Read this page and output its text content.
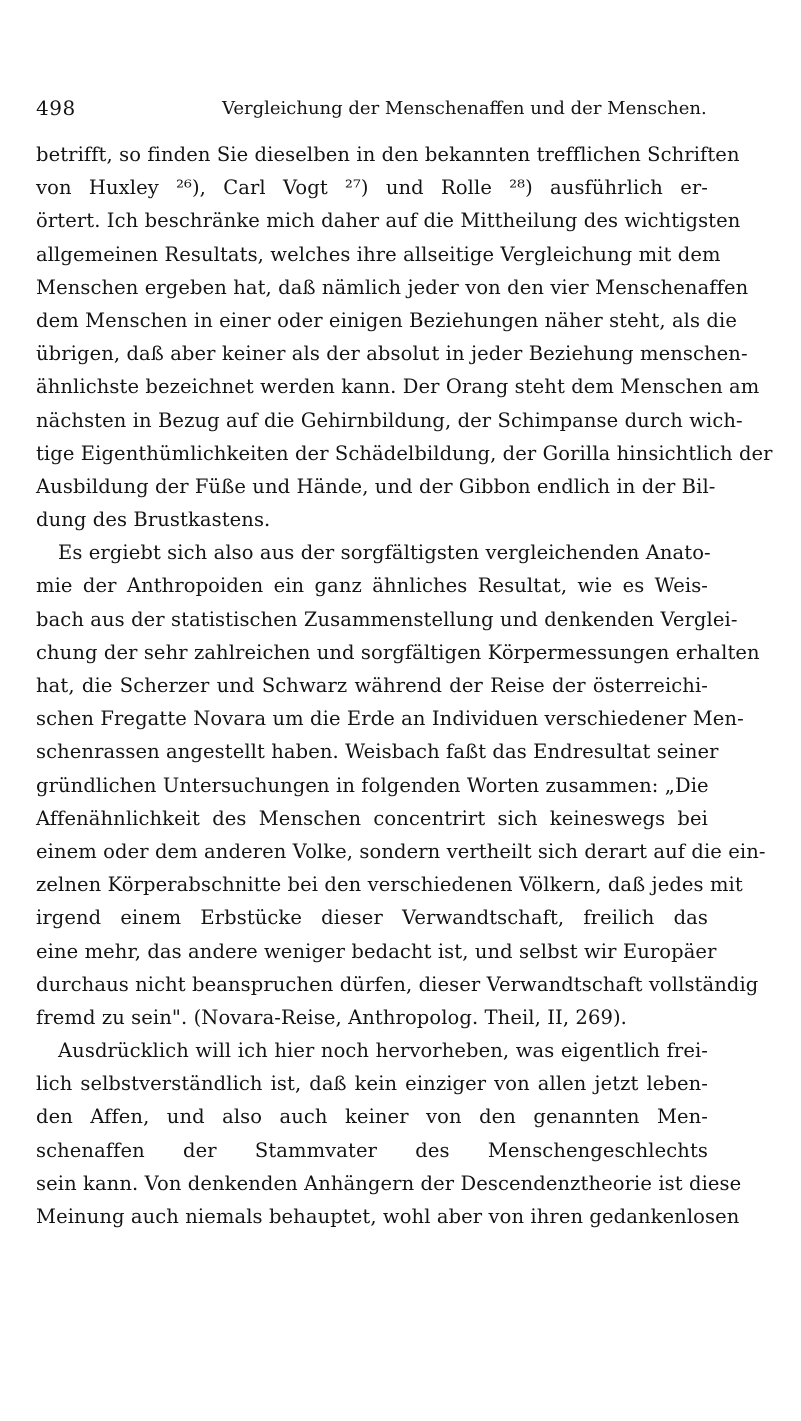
498	Vergleichung der Menschenaffen und der Menschen.
betrifft, so finden Sie dieselben in den bekannten trefflichen Schriften
von Huxley ²⁶), Carl Vogt ²⁷) und Rolle ²⁸) ausführlich er-
örtert. Ich beschränke mich daher auf die Mittheilung des wichtigsten
allgemeinen Resultats, welches ihre allseitige Vergleichung mit dem
Menschen ergeben hat, daß nämlich jeder von den vier Menschenaffen
dem Menschen in einer oder einigen Beziehungen näher steht, als die
übrigen, daß aber keiner als der absolut in jeder Beziehung menschen-
ähnlichste bezeichnet werden kann. Der Orang steht dem Menschen am
nächsten in Bezug auf die Gehirnbildung, der Schimpanse durch wich-
tige Eigenthümlichkeiten der Schädelbildung, der Gorilla hinsichtlich der
Ausbildung der Füße und Hände, und der Gibbon endlich in der Bil-
dung des Brustkastens.
Es ergiebt sich also aus der sorgfältigsten vergleichenden Anato-
mie der Anthropoiden ein ganz ähnliches Resultat, wie es Weis-
bach aus der statistischen Zusammenstellung und denkenden Verglei-
chung der sehr zahlreichen und sorgfältigen Körpermessungen erhalten
hat, die Scherzer und Schwarz während der Reise der österreichi-
schen Fregatte Novara um die Erde an Individuen verschiedener Men-
schenrassen angestellt haben. Weisbach faßt das Endresultat seiner
gründlichen Untersuchungen in folgenden Worten zusammen: „Die
Affenähnlichkeit des Menschen concentrirt sich keineswegs bei
einem oder dem anderen Volke, sondern vertheilt sich derart auf die ein-
zelnen Körperabschnitte bei den verschiedenen Völkern, daß jedes mit
irgend einem Erbstücke dieser Verwandtschaft, freilich das
eine mehr, das andere weniger bedacht ist, und selbst wir Europäer
durchaus nicht beanspruchen dürfen, dieser Verwandtschaft vollständig
fremd zu sein". (Novara-Reise, Anthropolog. Theil, II, 269).
Ausdrücklich will ich hier noch hervorheben, was eigentlich frei-
lich selbstverständlich ist, daß kein einziger von allen jetzt leben-
den Affen, und also auch keiner von den genannten Men-
schenaffen der Stammvater des Menschengeschlechts
sein kann. Von denkenden Anhängern der Descendenztheorie ist diese
Meinung auch niemals behauptet, wohl aber von ihren gedankenlosen
